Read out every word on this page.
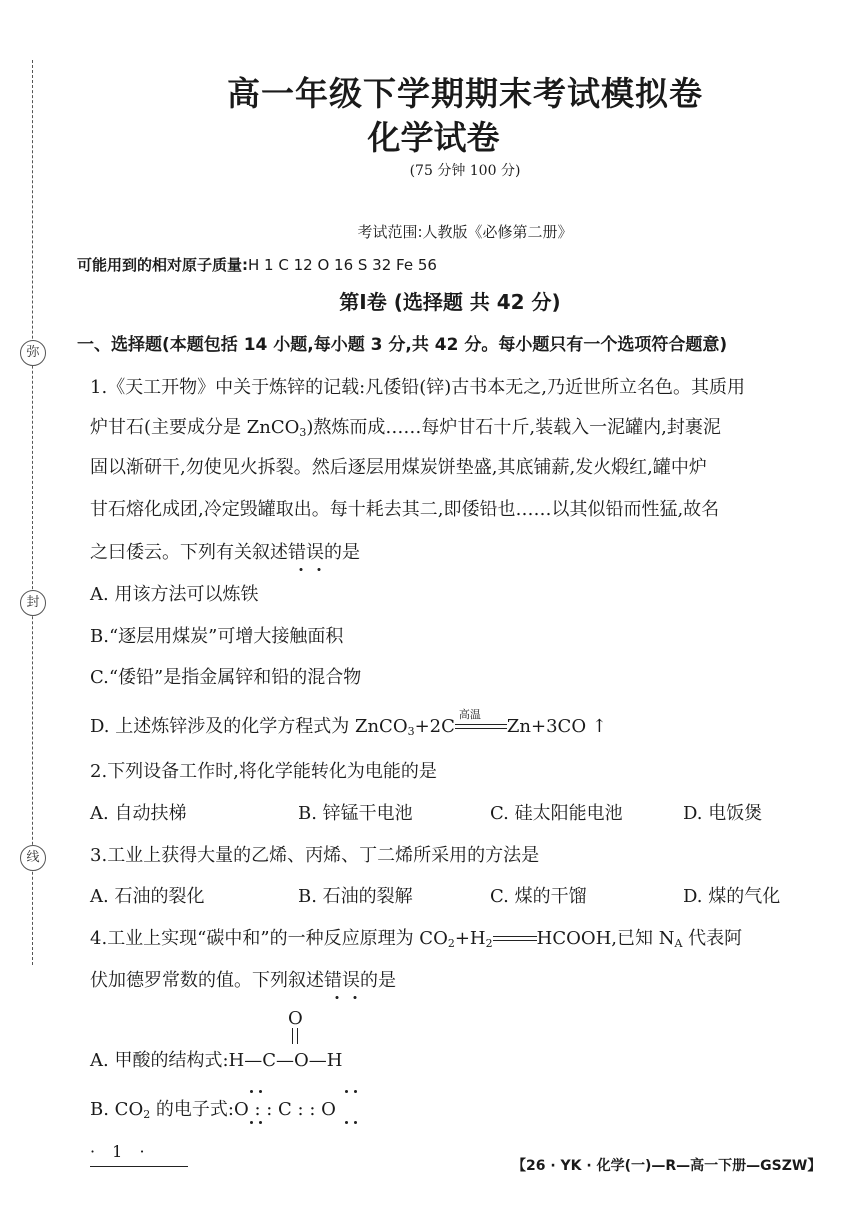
弥
封
线
高一年级下学期期末考试模拟卷
化学试卷
(75 分钟 100 分)
考试范围:人教版《必修第二册》
可能用到的相对原子质量:H 1 C 12 O 16 S 32 Fe 56
第Ⅰ卷 (选择题 共 42 分)
一、选择题(本题包括 14 小题,每小题 3 分,共 42 分。每小题只有一个选项符合题意)
1.《天工开物》中关于炼锌的记载:凡倭铅(锌)古书本无之,乃近世所立名色。其质用
炉甘石(主要成分是 ZnCO$_3$)熬炼而成……每炉甘石十斤,装载入一泥罐内,封裹泥
固以渐研干,勿使见火拆裂。然后逐层用煤炭饼垫盛,其底铺薪,发火煅红,罐中炉
甘石熔化成团,冷定毁罐取出。每十耗去其二,即倭铅也……以其似铅而性猛,故名
之曰倭云。下列有关叙述错误的是
A. 用该方法可以炼铁
B.“逐层用煤炭”可增大接触面积
C.“倭铅”是指金属锌和铅的混合物
D. 上述炼锌涉及的化学方程式为 ZnCO$_3$+2C
高温
Zn+3CO ↑
2.下列设备工作时,将化学能转化为电能的是
A. 自动扶梯	B. 锌锰干电池	C. 硅太阳能电池	D. 电饭煲
3.工业上获得大量的乙烯、丙烯、丁二烯所采用的方法是
A. 石油的裂化	B. 石油的裂解	C. 煤的干馏	D. 煤的气化
4.工业上实现“碳中和”的一种反应原理为 $CO_2+H_2$ HCOOH,已知 $N_A$ 代表阿
伏加德罗常数的值。下列叙述错误的是
A. 甲酸的结构式:H—C—O—H
O
B. $CO_2$ 的电子式:O : : C : : O
· 1 ·
【26 · YK · 化学(一)—R—高一下册—GSZW】
